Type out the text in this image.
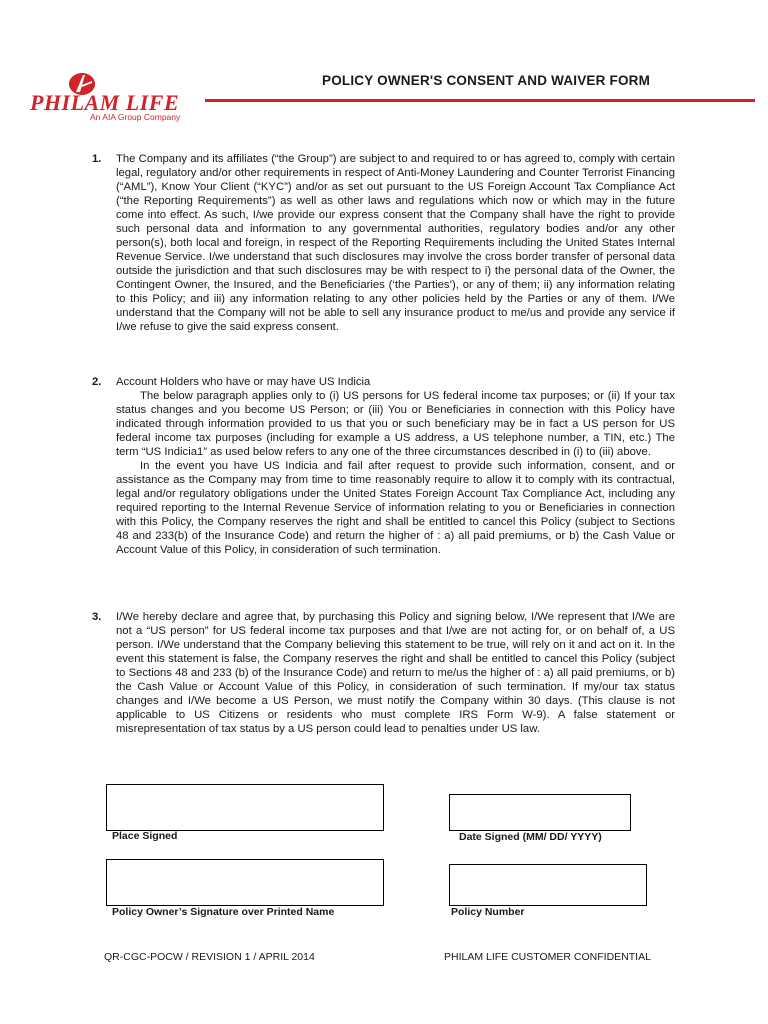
PHILAM LIFE
An AIA Group Company
POLICY OWNER'S CONSENT AND WAIVER FORM
1. The Company and its affiliates (“the Group”) are subject to and required to or has agreed to, comply with certain legal, regulatory and/or other requirements in respect of Anti-Money Laundering and Counter Terrorist Financing (“AML”), Know Your Client (“KYC”) and/or as set out pursuant to the US Foreign Account Tax Compliance Act (“the Reporting Requirements”) as well as other laws and regulations which now or which may in the future come into effect. As such, I/we provide our express consent that the Company shall have the right to provide such personal data and information to any governmental authorities, regulatory bodies and/or any other person(s), both local and foreign, in respect of the Reporting Requirements including the United States Internal Revenue Service. I/we understand that such disclosures may involve the cross border transfer of personal data outside the jurisdiction and that such disclosures may be with respect to i) the personal data of the Owner, the Contingent Owner, the Insured, and the Beneficiaries (‘the Parties’), or any of them; ii) any information relating to this Policy; and iii) any information relating to any other policies held by the Parties or any of them. I/We understand that the Company will not be able to sell any insurance product to me/us and provide any service if I/we refuse to give the said express consent.

2. Account Holders who have or may have US Indicia

The below paragraph applies only to (i) US persons for US federal income tax purposes; or (ii) If your tax status changes and you become US Person; or (iii) You or Beneficiaries in connection with this Policy have indicated through information provided to us that you or such beneficiary may be in fact a US person for US federal income tax purposes (including for example a US address, a US telephone number, a TIN, etc.) The term “US Indicia1” as used below refers to any one of the three circumstances described in (i) to (iii) above.

In the event you have US Indicia and fail after request to provide such information, consent, and or assistance as the Company may from time to time reasonably require to allow it to comply with its contractual, legal and/or regulatory obligations under the United States Foreign Account Tax Compliance Act, including any required reporting to the Internal Revenue Service of information relating to you or Beneficiaries in connection with this Policy, the Company reserves the right and shall be entitled to cancel this Policy (subject to Sections 48 and 233(b) of the Insurance Code) and return the higher of : a) all paid premiums, or b) the Cash Value or Account Value of this Policy, in consideration of such termination.

3. I/We hereby declare and agree that, by purchasing this Policy and signing below, I/We represent that I/We are not a “US person” for US federal income tax purposes and that I/we are not acting for, or on behalf of, a US person. I/We understand that the Company believing this statement to be true, will rely on it and act on it. In the event this statement is false, the Company reserves the right and shall be entitled to cancel this Policy (subject to Sections 48 and 233 (b) of the Insurance Code) and return to me/us the higher of : a) all paid premiums, or b) the Cash Value or Account Value of this Policy, in consideration of such termination. If my/our tax status changes and I/We become a US Person, we must notify the Company within 30 days. (This clause is not applicable to US Citizens or residents who must complete IRS Form W-9). A false statement or misrepresentation of tax status by a US person could lead to penalties under US law.

Place Signed	Date Signed (MM/ DD/ YYYY)
Policy Owner’s Signature over Printed Name	Policy Number
QR-CGC-POCW / REVISION 1 / APRIL 2014	PHILAM LIFE CUSTOMER CONFIDENTIAL
